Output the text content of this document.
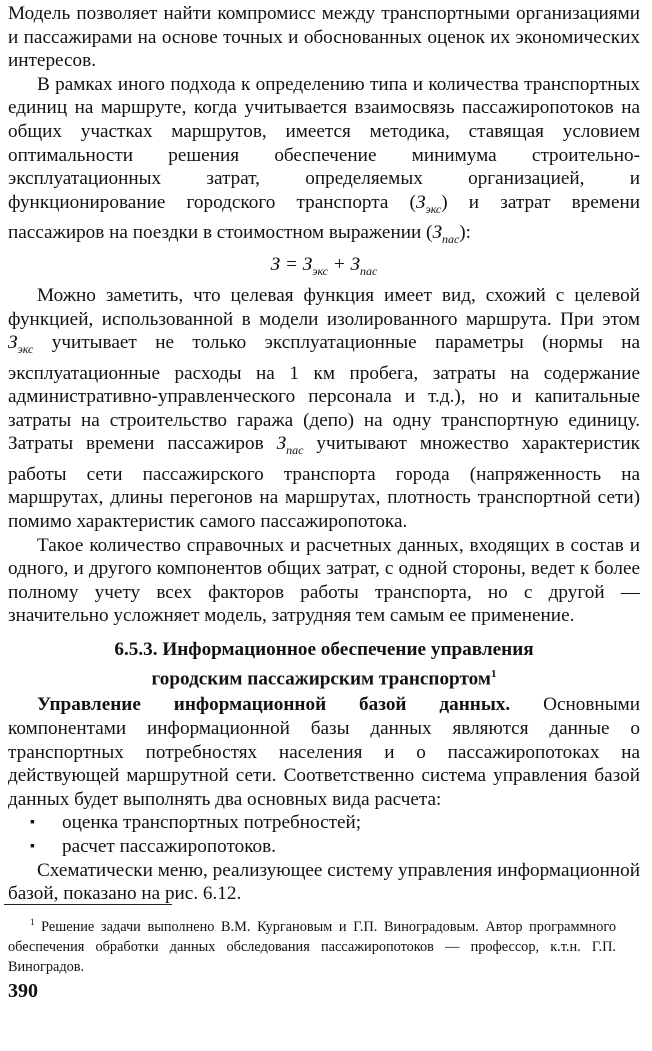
Модель позволяет найти компромисс между транспортными организациями и пассажирами на основе точных и обоснованных оценок их экономических интересов.

В рамках иного подхода к определению типа и количества транспортных единиц на маршруте, когда учитывается взаимосвязь пассажиропотоков на общих участках маршрутов, имеется методика, ставящая условием оптимальности решения обеспечение минимума строительно-эксплуатационных затрат, определяемых организацией, и функционирование городского транспорта $(З_{экс})$ и затрат времени пассажиров на поездки в стоимостном выражении $(З_{пас})$:

$З = З_{экс} + З_{пас}$

Можно заметить, что целевая функция имеет вид, схожий с целевой функцией, использованной в модели изолированного маршрута. При этом $З_{экс}$ учитывает не только эксплуатационные параметры (нормы на эксплуатационные расходы на 1 км пробега, затраты на содержание административно-управленческого персонала и т.д.), но и капитальные затраты на строительство гаража (депо) на одну транспортную единицу. Затраты времени пассажиров $З_{пас}$ учитывают множество характеристик работы сети пассажирского транспорта города (напряженность на маршрутах, длины перегонов на маршрутах, плотность транспортной сети) помимо характеристик самого пассажиропотока.

Такое количество справочных и расчетных данных, входящих в состав и одного, и другого компонентов общих затрат, с одной стороны, ведет к более полному учету всех факторов работы транспорта, но с другой — значительно усложняет модель, затрудняя тем самым ее применение.

6.5.3. Информационное обеспечение управления
городским пассажирским транспортом$^1$

Управление информационной базой данных. Основными компонентами информационной базы данных являются данные о транспортных потребностях населения и о пассажиропотоках на действующей маршрутной сети. Соответственно система управления базой данных будет выполнять два основных вида расчета:

▪ оценка транспортных потребностей;
▪ расчет пассажиропотоков.

Схематически меню, реализующее систему управления информационной базой, показано на рис. 6.12.

$^1$ Решение задачи выполнено В.М. Кургановым и Г.П. Виноградовым. Автор программного обеспечения обработки данных обследования пассажиропотоков — профессор, к.т.н. Г.П. Виноградов.
390
